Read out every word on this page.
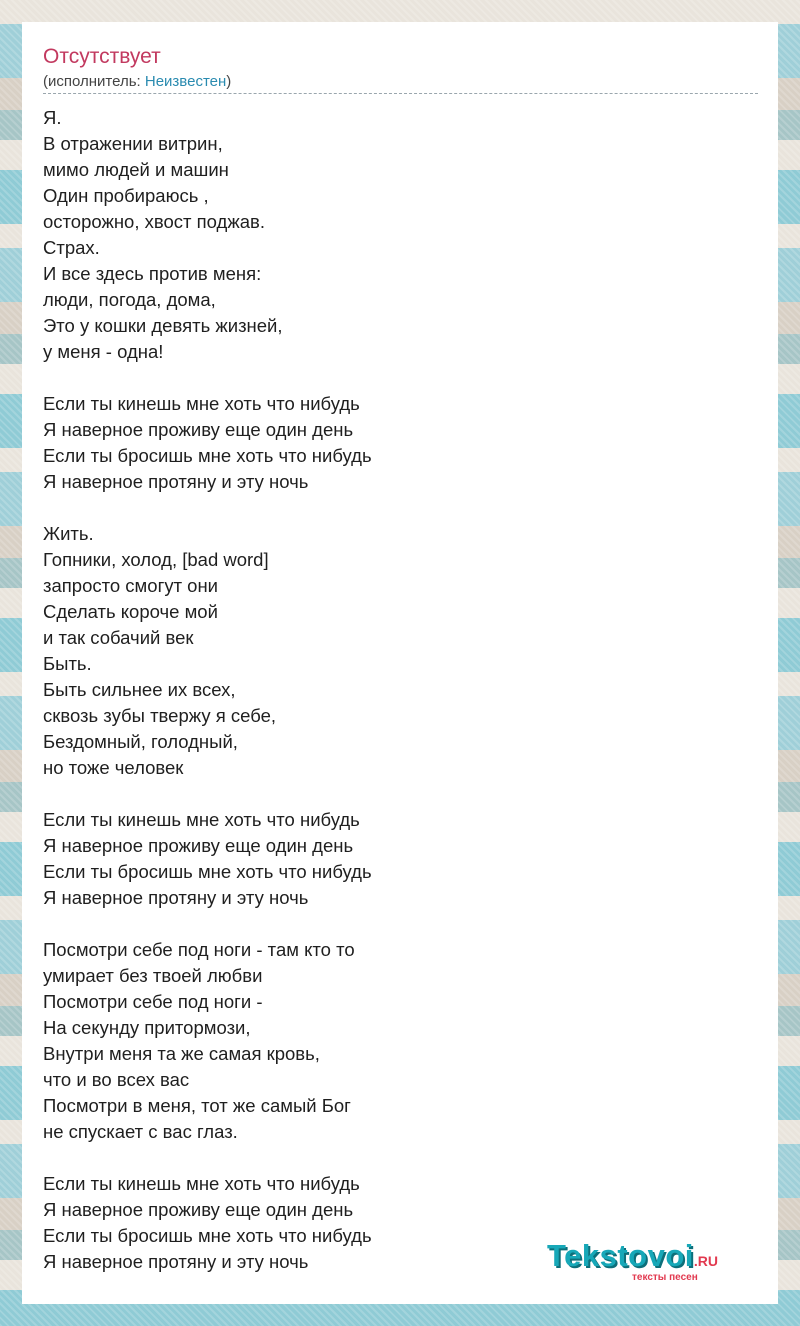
Отсутствует
(исполнитель: Неизвестен)
Я.
В отражении витрин,
мимо людей и машин
Один пробираюсь ,
осторожно, хвост поджав.
Страх.
И все здесь против меня:
люди, погода, дома,
Это у кошки девять жизней,
у меня - одна!
Если ты кинешь мне хоть что нибудь
Я наверное проживу еще один день
Если ты бросишь мне хоть что нибудь
Я наверное протяну и эту ночь
Жить.
Гопники, холод, [bad word]
запросто смогут они
Сделать короче мой
и так собачий век
Быть.
Быть сильнее их всех,
сквозь зубы твержу я себе,
Бездомный, голодный,
но тоже человек
Если ты кинешь мне хоть что нибудь
Я наверное проживу еще один день
Если ты бросишь мне хоть что нибудь
Я наверное протяну и эту ночь
Посмотри себе под ноги - там кто то
умирает без твоей любви
Посмотри себе под ноги -
На секунду притормози,
Внутри меня та же самая кровь,
что и во всех вас
Посмотри в меня, тот же самый Бог
не спускает с вас глаз.
Если ты кинешь мне хоть что нибудь
Я наверное проживу еще один день
Если ты бросишь мне хоть что нибудь
Я наверное протяну и эту ночь	Tekstovoi.RU
тексты песен
